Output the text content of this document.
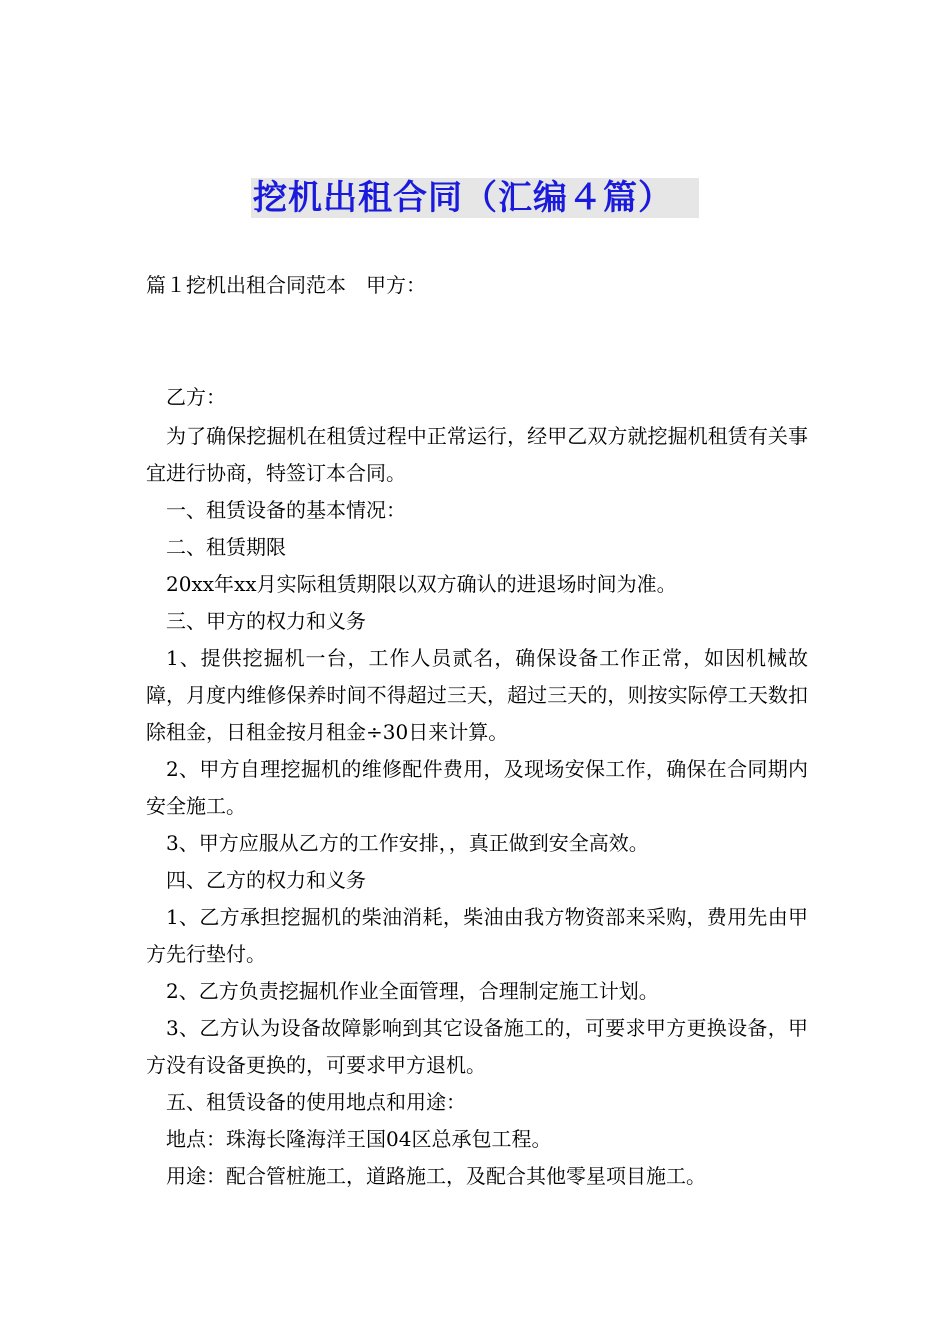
挖机出租合同（汇编４篇）
篇１挖机出租合同范本　甲方：
乙方：
为了确保挖掘机在租赁过程中正常运行，经甲乙双方就挖掘机租赁有关事宜进行协商，特签订本合同。
一、租赁设备的基本情况：
二、租赁期限
20xx年xx月实际租赁期限以双方确认的进退场时间为准。
三、甲方的权力和义务
1、提供挖掘机一台，工作人员贰名，确保设备工作正常，如因机械故障，月度内维修保养时间不得超过三天，超过三天的，则按实际停工天数扣除租金，日租金按月租金÷30日来计算。
2、甲方自理挖掘机的维修配件费用，及现场安保工作，确保在合同期内安全施工。
3、甲方应服从乙方的工作安排，，真正做到安全高效。
四、乙方的权力和义务
1、乙方承担挖掘机的柴油消耗，柴油由我方物资部来采购，费用先由甲方先行垫付。
2、乙方负责挖掘机作业全面管理，合理制定施工计划。
3、乙方认为设备故障影响到其它设备施工的，可要求甲方更换设备，甲方没有设备更换的，可要求甲方退机。
五、租赁设备的使用地点和用途：
地点：珠海长隆海洋王国04区总承包工程。
用途：配合管桩施工，道路施工，及配合其他零星项目施工。
